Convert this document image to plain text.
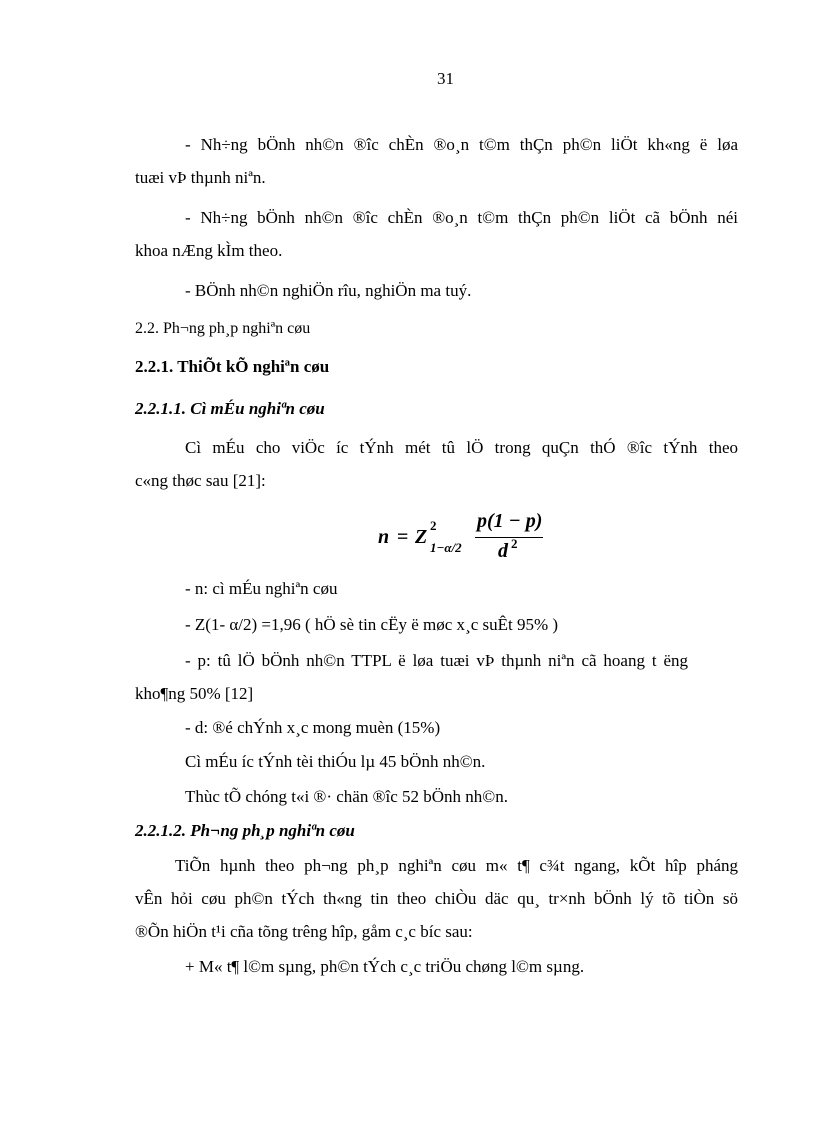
31
- Nh÷ng bÖnh nh©n ®îc chÈn ®o¸n t©m thÇn ph©n liÖt kh«ng ë løa
tuæi vÞ thµnh niªn.
- Nh÷ng bÖnh nh©n ®îc chÈn ®o¸n t©m thÇn ph©n liÖt cã bÖnh néi
khoa nÆng kÌm theo.
- BÖnh nh©n nghiÖn rîu, nghiÖn ma tuý.
2.2. Ph¬ng ph¸p nghiªn cøu
2.2.1. ThiÕt kÕ nghiªn cøu
2.2.1.1. Cì mÉu nghiªn cøu
Cì mÉu cho viÖc íc tÝnh mét tû lÖ trong quÇn thÓ ®îc tÝnh theo
c«ng thøc sau [21]:
n = Z
2
1−α/2
p(1 − p)
d 2
- n: cì mÉu nghiªn cøu
- Z(1- α/2) =1,96 ( hÖ sè tin cËy ë møc x¸c suÊt 95% )
- p: tû lÖ bÖnh nh©n TTPL ë løa tuæi vÞ thµnh niªn cã hoang t ëng
kho¶ng 50% [12]
- d: ®é chÝnh x¸c mong muèn (15%)
Cì mÉu íc tÝnh tèi thiÓu lµ 45 bÖnh nh©n.
Thùc tÕ chóng t«i ®· chän ®îc 52 bÖnh nh©n.
2.2.1.2. Ph¬ng ph¸p nghiªn cøu
TiÕn hµnh theo ph¬ng ph¸p nghiªn cøu m« t¶ c¾t ngang, kÕt hîp pháng
vÊn hỏi cøu ph©n tÝch th«ng tin theo chiÒu däc qu¸ tr×nh bÖnh lý tõ tiÒn sö
®Õn hiÖn t¹i cña tõng trêng hîp, gåm c¸c bíc sau:
+ M« t¶ l©m sµng, ph©n tÝch c¸c triÖu chøng l©m sµng.
